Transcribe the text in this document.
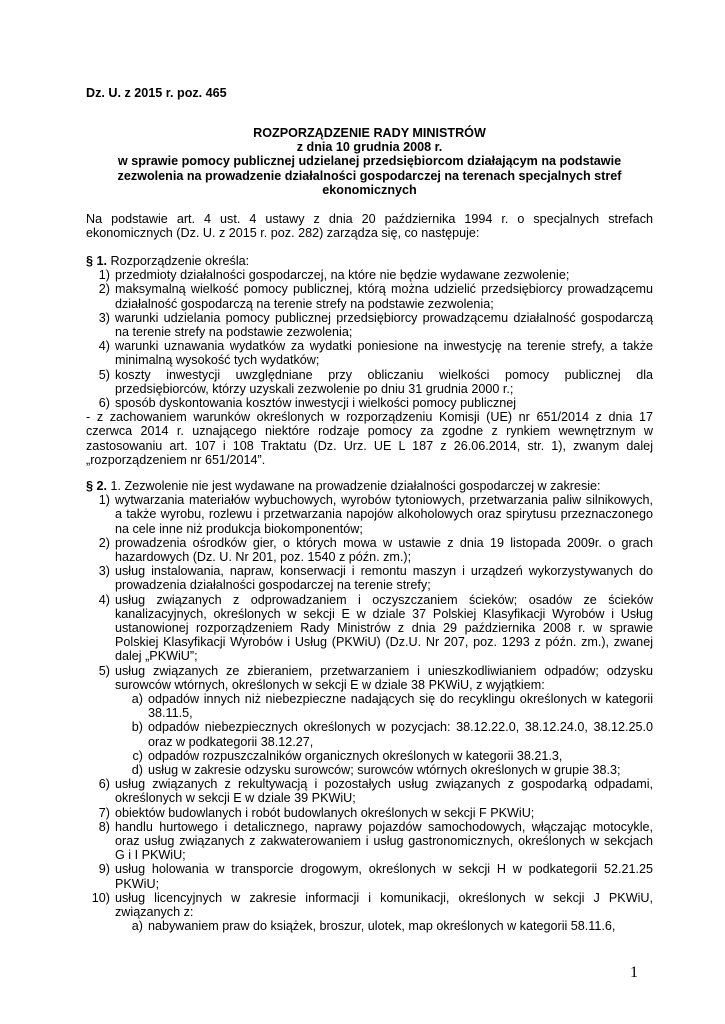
Dz. U. z 2015 r. poz. 465
ROZPORZĄDZENIE RADY MINISTRÓW
z dnia 10 grudnia 2008 r.
w sprawie pomocy publicznej udzielanej przedsiębiorcom działającym na podstawie zezwolenia na prowadzenie działalności gospodarczej na terenach specjalnych stref ekonomicznych
Na podstawie art. 4 ust. 4 ustawy z dnia 20 października 1994 r. o specjalnych strefach ekonomicznych (Dz. U. z 2015 r. poz. 282) zarządza się, co następuje:
§ 1. Rozporządzenie określa:
1) przedmioty działalności gospodarczej, na które nie będzie wydawane zezwolenie;
2) maksymalną wielkość pomocy publicznej, którą można udzielić przedsiębiorcy prowadzącemu działalność gospodarczą na terenie strefy na podstawie zezwolenia;
3) warunki udzielania pomocy publicznej przedsiębiorcy prowadzącemu działalność gospodarczą na terenie strefy na podstawie zezwolenia;
4) warunki uznawania wydatków za wydatki poniesione na inwestycję na terenie strefy, a także minimalną wysokość tych wydatków;
5) koszty inwestycji uwzględniane przy obliczaniu wielkości pomocy publicznej dla przedsiębiorców, którzy uzyskali zezwolenie po dniu 31 grudnia 2000 r.;
6) sposób dyskontowania kosztów inwestycji i wielkości pomocy publicznej
- z zachowaniem warunków określonych w rozporządzeniu Komisji (UE) nr 651/2014 z dnia 17 czerwca 2014 r. uznającego niektóre rodzaje pomocy za zgodne z rynkiem wewnętrznym w zastosowaniu art. 107 i 108 Traktatu (Dz. Urz. UE L 187 z 26.06.2014, str. 1), zwanym dalej „rozporządzeniem nr 651/2014”.
§ 2. 1. Zezwolenie nie jest wydawane na prowadzenie działalności gospodarczej w zakresie:
1) wytwarzania materiałów wybuchowych, wyrobów tytoniowych, przetwarzania paliw silnikowych, a także wyrobu, rozlewu i przetwarzania napojów alkoholowych oraz spirytusu przeznaczonego na cele inne niż produkcja biokomponentów;
2) prowadzenia ośrodków gier, o których mowa w ustawie z dnia 19 listopada 2009r. o grach hazardowych (Dz. U. Nr 201, poz. 1540 z późn. zm.);
3) usług instalowania, napraw, konserwacji i remontu maszyn i urządzeń wykorzystywanych do prowadzenia działalności gospodarczej na terenie strefy;
4) usług związanych z odprowadzaniem i oczyszczaniem ścieków; osadów ze ścieków kanalizacyjnych, określonych w sekcji E w dziale 37 Polskiej Klasyfikacji Wyrobów i Usług ustanowionej rozporządzeniem Rady Ministrów z dnia 29 października 2008 r. w sprawie Polskiej Klasyfikacji Wyrobów i Usług (PKWiU) (Dz.U. Nr 207, poz. 1293 z późn. zm.), zwanej dalej „PKWiU”;
5) usług związanych ze zbieraniem, przetwarzaniem i unieszkodliwianiem odpadów; odzysku surowców wtórnych, określonych w sekcji E w dziale 38 PKWiU, z wyjątkiem:
a) odpadów innych niż niebezpieczne nadających się do recyklingu określonych w kategorii 38.11.5,
b) odpadów niebezpiecznych określonych w pozycjach: 38.12.22.0, 38.12.24.0, 38.12.25.0 oraz w podkategorii 38.12.27,
c) odpadów rozpuszczalników organicznych określonych w kategorii 38.21.3,
d) usług w zakresie odzysku surowców; surowców wtórnych określonych w grupie 38.3;
6) usług związanych z rekultywacją i pozostałych usług związanych z gospodarką odpadami, określonych w sekcji E w dziale 39 PKWiU;
7) obiektów budowlanych i robót budowlanych określonych w sekcji F PKWiU;
8) handlu hurtowego i detalicznego, naprawy pojazdów samochodowych, włączając motocykle, oraz usług związanych z zakwaterowaniem i usług gastronomicznych, określonych w sekcjach G i I PKWiU;
9) usług holowania w transporcie drogowym, określonych w sekcji H w podkategorii 52.21.25 PKWiU;
10) usług licencyjnych w zakresie informacji i komunikacji, określonych w sekcji J PKWiU, związanych z:
a) nabywaniem praw do książek, broszur, ulotek, map określonych w kategorii 58.11.6,
1
